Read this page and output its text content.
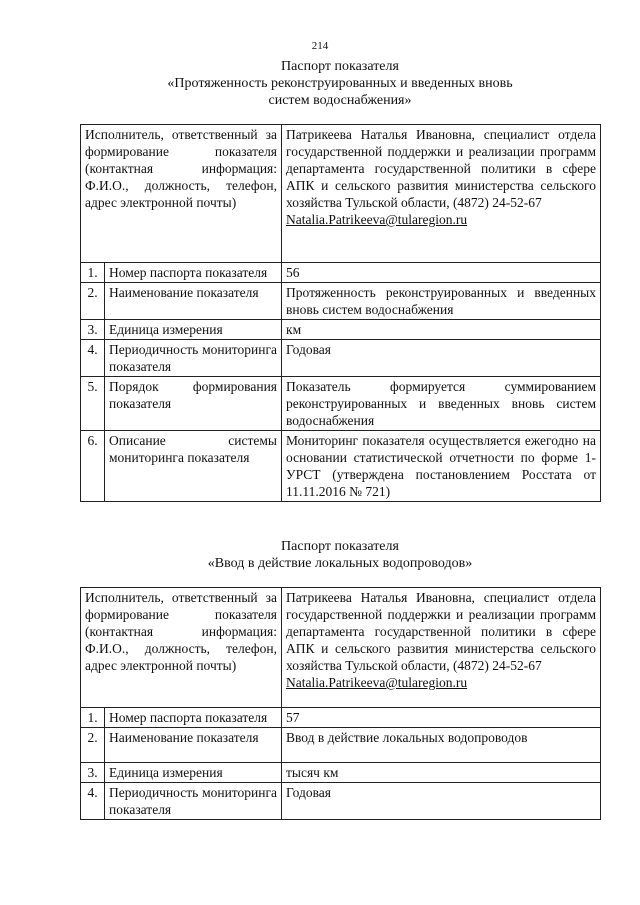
214
Паспорт показателя
«Протяженность реконструированных и введенных вновь
систем водоснабжения»
Исполнитель, ответственный за формирование показателя (контактная информация: Ф.И.О., должность, телефон, адрес электронной почты)		Патрикеева Наталья Ивановна, специалист отдела государственной поддержки и реализации программ департамента государственной политики в сфере АПК и сельского развития министерства сельского хозяйства Тульской области, (4872) 24-52-67
Natalia.Patrikeeva@tularegion.ru
1.	Номер паспорта показателя	56
2.	Наименование показателя	Протяженность реконструированных и введенных вновь систем водоснабжения
3.	Единица измерения	км
4.	Периодичность мониторинга показателя	Годовая
5.	Порядок формирования показателя	Показатель формируется суммированием реконструированных и введенных вновь систем водоснабжения
6.	Описание системы мониторинга показателя	Мониторинг показателя осуществляется ежегодно на основании статистической отчетности по форме 1-УРСТ (утверждена постановлением Росстата от 11.11.2016 № 721)
Паспорт показателя
«Ввод в действие локальных водопроводов»
Исполнитель, ответственный за формирование показателя (контактная информация: Ф.И.О., должность, телефон, адрес электронной почты)		Патрикеева Наталья Ивановна, специалист отдела государственной поддержки и реализации программ департамента государственной политики в сфере АПК и сельского развития министерства сельского хозяйства Тульской области, (4872) 24-52-67
Natalia.Patrikeeva@tularegion.ru
1.	Номер паспорта показателя	57
2.	Наименование показателя	Ввод в действие локальных водопроводов
3.	Единица измерения	тысяч км
4.	Периодичность мониторинга показателя	Годовая
